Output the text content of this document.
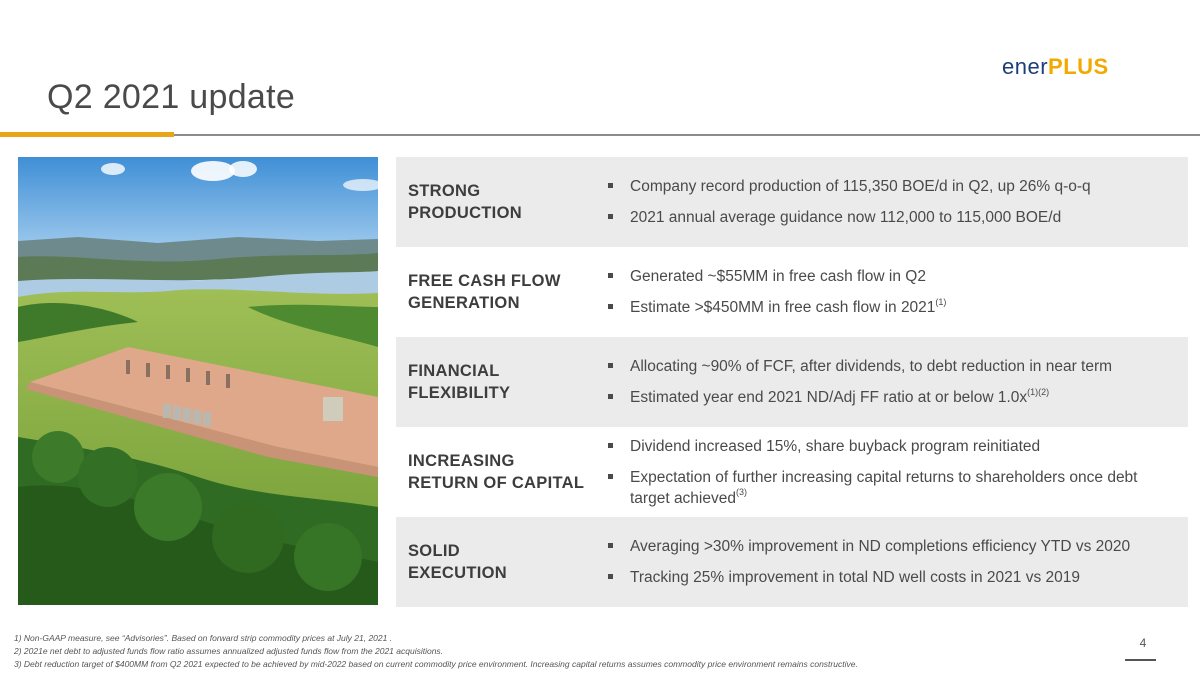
Q2 2021 update
enerPLUS
STRONG
PRODUCTION
Company record production of 115,350 BOE/d in Q2, up 26% q-o-q
2021 annual average guidance now 112,000 to 115,000 BOE/d
FREE CASH FLOW
GENERATION
Generated ~$55MM in free cash flow in Q2
Estimate >$450MM in free cash flow in 2021$^{(1)}$
FINANCIAL
FLEXIBILITY
Allocating ~90% of FCF, after dividends, to debt reduction in near term
Estimated year end 2021 ND/Adj FF ratio at or below $1.0x^{(1)(2)}$
INCREASING
RETURN OF CAPITAL
Dividend increased 15%, share buyback program reinitiated
Expectation of further increasing capital returns to shareholders once debt target achieved$^{(3)}$
SOLID
EXECUTION
Averaging >30% improvement in ND completions efficiency YTD vs 2020
Tracking 25% improvement in total ND well costs in 2021 vs 2019
1) Non-GAAP measure, see “Advisories”. Based on forward strip commodity prices at July 21, 2021 .
2) 2021e net debt to adjusted funds flow ratio assumes annualized adjusted funds flow from the 2021 acquisitions.
3) Debt reduction target of $400MM from Q2 2021 expected to be achieved by mid-2022 based on current commodity price environment. Increasing capital returns assumes commodity price environment remains constructive.
4
